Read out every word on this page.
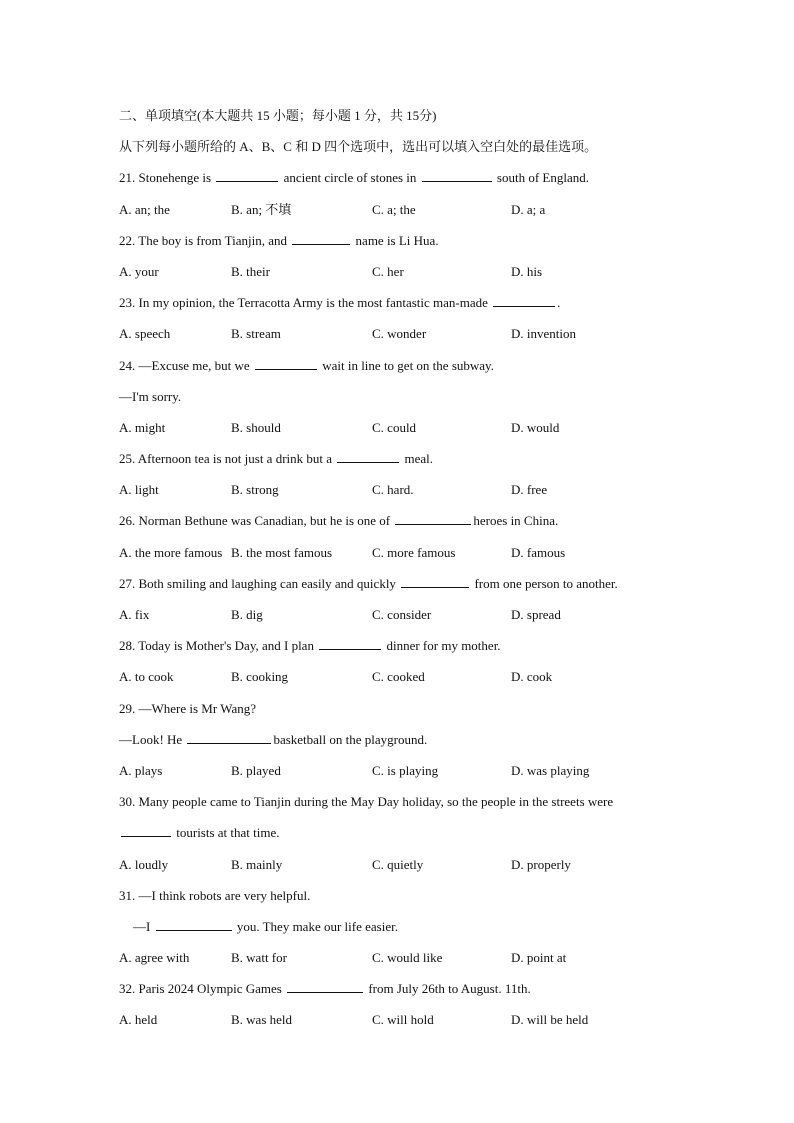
二、单项填空(本大题共 15 小题；每小题 1 分，共 15分)
从下列每小题所给的 A、B、C 和 D 四个选项中，选出可以填入空白处的最佳选项。
21. Stonehenge is	ancient circle of stones in	south of England.
A. an; the	B. an; 不填	C. a; the	D. a; a
22. The boy is from Tianjin, and	name is Li Hua.
A. your	B. their	C. her	D. his
23. In my opinion, the Terracotta Army is the most fantastic man-made	.
A. speech	B. stream	C. wonder	D. invention
24. —Excuse me, but we	wait in line to get on the subway.
—I'm sorry.
A. might	B. should	C. could	D. would
25. Afternoon tea is not just a drink but a	meal.
A. light	B. strong	C. hard.	D. free
26. Norman Bethune was Canadian, but he is one of	heroes in China.
A. the more famous B. the most famous	C. more famous	D. famous
27. Both smiling and laughing can easily and quickly	from one person to another.
A. fix	B. dig	C. consider	D. spread
28. Today is Mother's Day, and I plan	dinner for my mother.
A. to cook	B. cooking	C. cooked	D. cook
29. —Where is Mr Wang?
—Look! He	basketball on the playground.
A. plays	B. played	C. is playing	D. was playing
30. Many people came to Tianjin during the May Day holiday, so the people in the streets were
tourists at that time.
A. loudly	B. mainly	C. quietly	D. properly
31. —I think robots are very helpful.
—I	you. They make our life easier.
A. agree with	B. watt for	C. would like	D. point at
32. Paris 2024 Olympic Games	from July 26th to August. 11th.
A. held	B. was held	C. will hold	D. will be held
